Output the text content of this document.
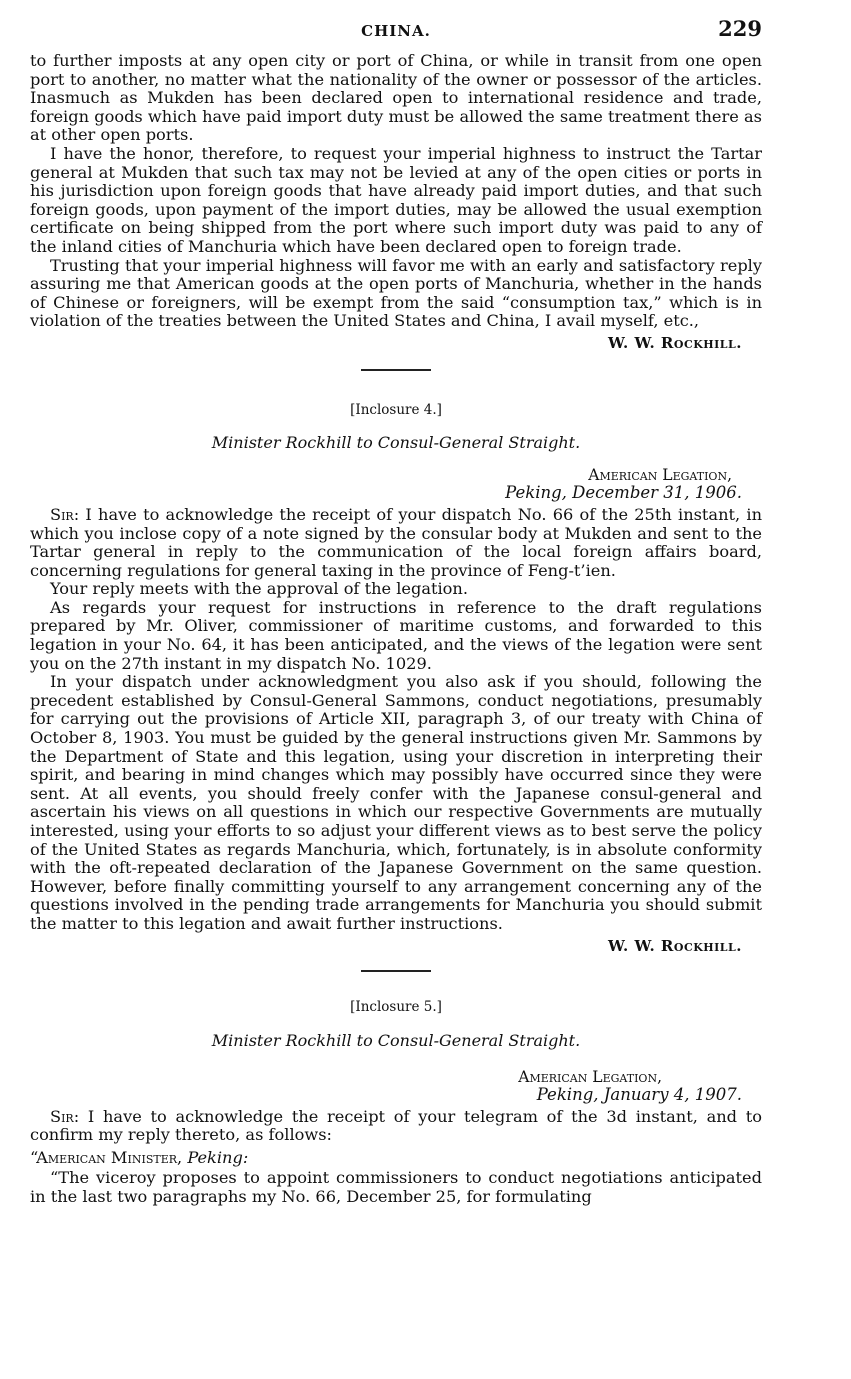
CHINA.	229

to further imposts at any open city or port of China, or while in transit from one open port to another, no matter what the nationality of the owner or possessor of the articles. Inasmuch as Mukden has been declared open to international residence and trade, foreign goods which have paid import duty must be allowed the same treatment there as at other open ports.

I have the honor, therefore, to request your imperial highness to instruct the Tartar general at Mukden that such tax may not be levied at any of the open cities or ports in his jurisdiction upon foreign goods that have already paid import duties, and that such foreign goods, upon payment of the import duties, may be allowed the usual exemption certificate on being shipped from the port where such import duty was paid to any of the inland cities of Manchuria which have been declared open to foreign trade.

Trusting that your imperial highness will favor me with an early and satisfactory reply assuring me that American goods at the open ports of Manchuria, whether in the hands of Chinese or foreigners, will be exempt from the said “consumption tax,” which is in violation of the treaties between the United States and China, I avail myself, etc.,

W. W. Rockhill.
[Inclosure 4.]
Minister Rockhill to Consul-General Straight.
American Legation,
Peking, December 31, 1906.

Sir: I have to acknowledge the receipt of your dispatch No. 66 of the 25th instant, in which you inclose copy of a note signed by the consular body at Mukden and sent to the Tartar general in reply to the communication of the local foreign affairs board, concerning regulations for general taxing in the province of Feng-t’ien.

Your reply meets with the approval of the legation.

As regards your request for instructions in reference to the draft regulations prepared by Mr. Oliver, commissioner of maritime customs, and forwarded to this legation in your No. 64, it has been anticipated, and the views of the legation were sent you on the 27th instant in my dispatch No. 1029.

In your dispatch under acknowledgment you also ask if you should, following the precedent established by Consul-General Sammons, conduct negotiations, presumably for carrying out the provisions of Article XII, paragraph 3, of our treaty with China of October 8, 1903. You must be guided by the general instructions given Mr. Sammons by the Department of State and this legation, using your discretion in interpreting their spirit, and bearing in mind changes which may possibly have occurred since they were sent. At all events, you should freely confer with the Japanese consul-general and ascertain his views on all questions in which our respective Governments are mutually interested, using your efforts to so adjust your different views as to best serve the policy of the United States as regards Manchuria, which, fortunately, is in absolute conformity with the oft-repeated declaration of the Japanese Government on the same question. However, before finally committing yourself to any arrangement concerning any of the questions involved in the pending trade arrangements for Manchuria you should submit the matter to this legation and await further instructions.

W. W. Rockhill.
[Inclosure 5.]
Minister Rockhill to Consul-General Straight.
American Legation,
Peking, January 4, 1907.

Sir: I have to acknowledge the receipt of your telegram of the 3d instant, and to confirm my reply thereto, as follows:

“American Minister, Peking:

“The viceroy proposes to appoint commissioners to conduct negotiations anticipated in the last two paragraphs my No. 66, December 25, for formulating
